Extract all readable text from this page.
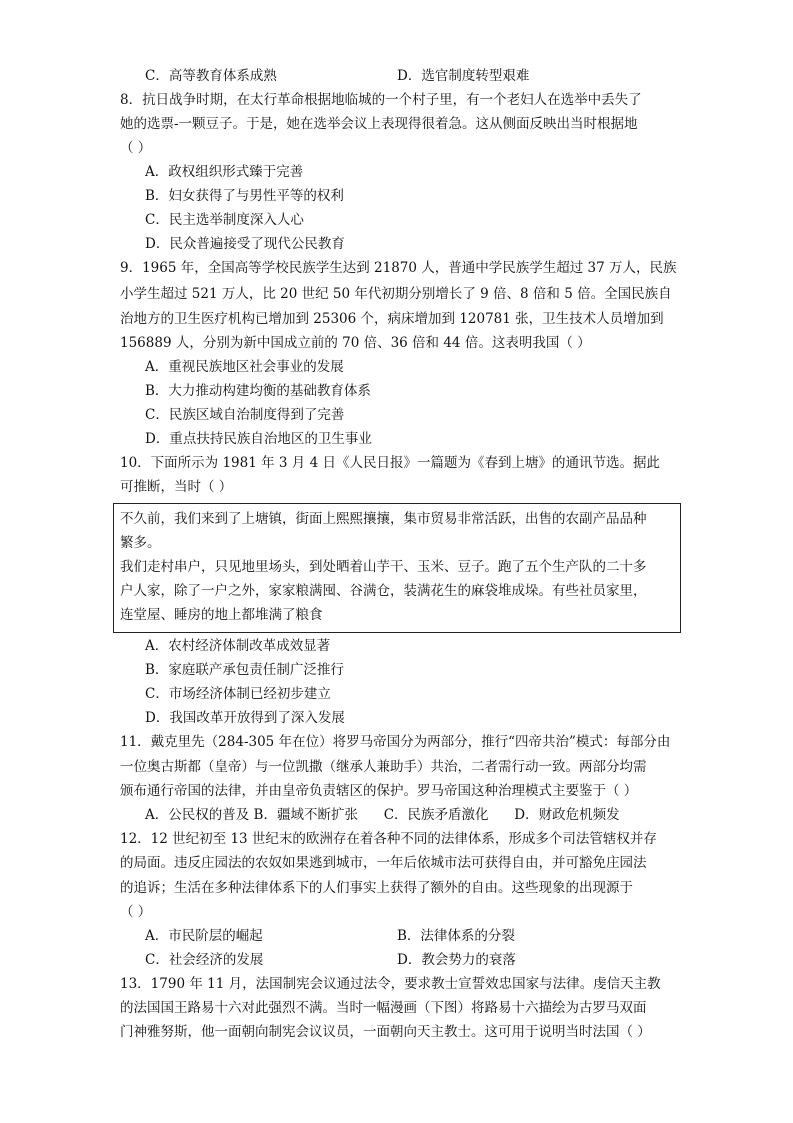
C．高等教育体系成熟	D．选官制度转型艰难
8．抗日战争时期，在太行革命根据地临城的一个村子里，有一个老妇人在选举中丢失了
她的选票-一颗豆子。于是，她在选举会议上表现得很着急。这从侧面反映出当时根据地
（ ）
A．政权组织形式臻于完善
B．妇女获得了与男性平等的权利
C．民主选举制度深入人心
D．民众普遍接受了现代公民教育
9．1965 年，全国高等学校民族学生达到 21870 人，普通中学民族学生超过 37 万人，民族
小学生超过 521 万人，比 20 世纪 50 年代初期分别增长了 9 倍、8 倍和 5 倍。全国民族自
治地方的卫生医疗机构已增加到 25306 个，病床增加到 120781 张，卫生技术人员增加到
156889 人，分别为新中国成立前的 70 倍、36 倍和 44 倍。这表明我国（ ）
A．重视民族地区社会事业的发展
B．大力推动构建均衡的基础教育体系
C．民族区域自治制度得到了完善
D．重点扶持民族自治地区的卫生事业
10．下面所示为 1981 年 3 月 4 日《人民日报》一篇题为《春到上塘》的通讯节选。据此
可推断，当时（ ）
不久前，我们来到了上塘镇，街面上熙熙攘攘，集市贸易非常活跃，出售的农副产品品种
繁多。
我们走村串户，只见地里场头，到处晒着山芋干、玉米、豆子。跑了五个生产队的二十多
户人家，除了一户之外，家家粮满囤、谷满仓，装满花生的麻袋堆成垛。有些社员家里，
连堂屋、睡房的地上都堆满了粮食
A．农村经济体制改革成效显著
B．家庭联产承包责任制广泛推行
C．市场经济体制已经初步建立
D．我国改革开放得到了深入发展
11．戴克里先（284-305 年在位）将罗马帝国分为两部分，推行“四帝共治”模式：每部分由
一位奥古斯都（皇帝）与一位凯撒（继承人兼助手）共治，二者需行动一致。两部分均需
颁布通行帝国的法律，并由皇帝负责辖区的保护。罗马帝国这种治理模式主要鉴于（ ）
A．公民权的普及 B．疆域不断扩张      C．民族矛盾激化      D．财政危机频发
12．12 世纪初至 13 世纪末的欧洲存在着各种不同的法律体系，形成多个司法管辖权并存
的局面。违反庄园法的农奴如果逃到城市，一年后依城市法可获得自由，并可豁免庄园法
的追诉；生活在多种法律体系下的人们事实上获得了额外的自由。这些现象的出现源于
（ ）
A．市民阶层的崛起	B．法律体系的分裂
C．社会经济的发展	D．教会势力的衰落
13．1790 年 11 月，法国制宪会议通过法令，要求教士宣誓效忠国家与法律。虔信天主教
的法国国王路易十六对此强烈不满。当时一幅漫画（下图）将路易十六描绘为古罗马双面
门神雅努斯，他一面朝向制宪会议议员，一面朝向天主教士。这可用于说明当时法国（ ）
